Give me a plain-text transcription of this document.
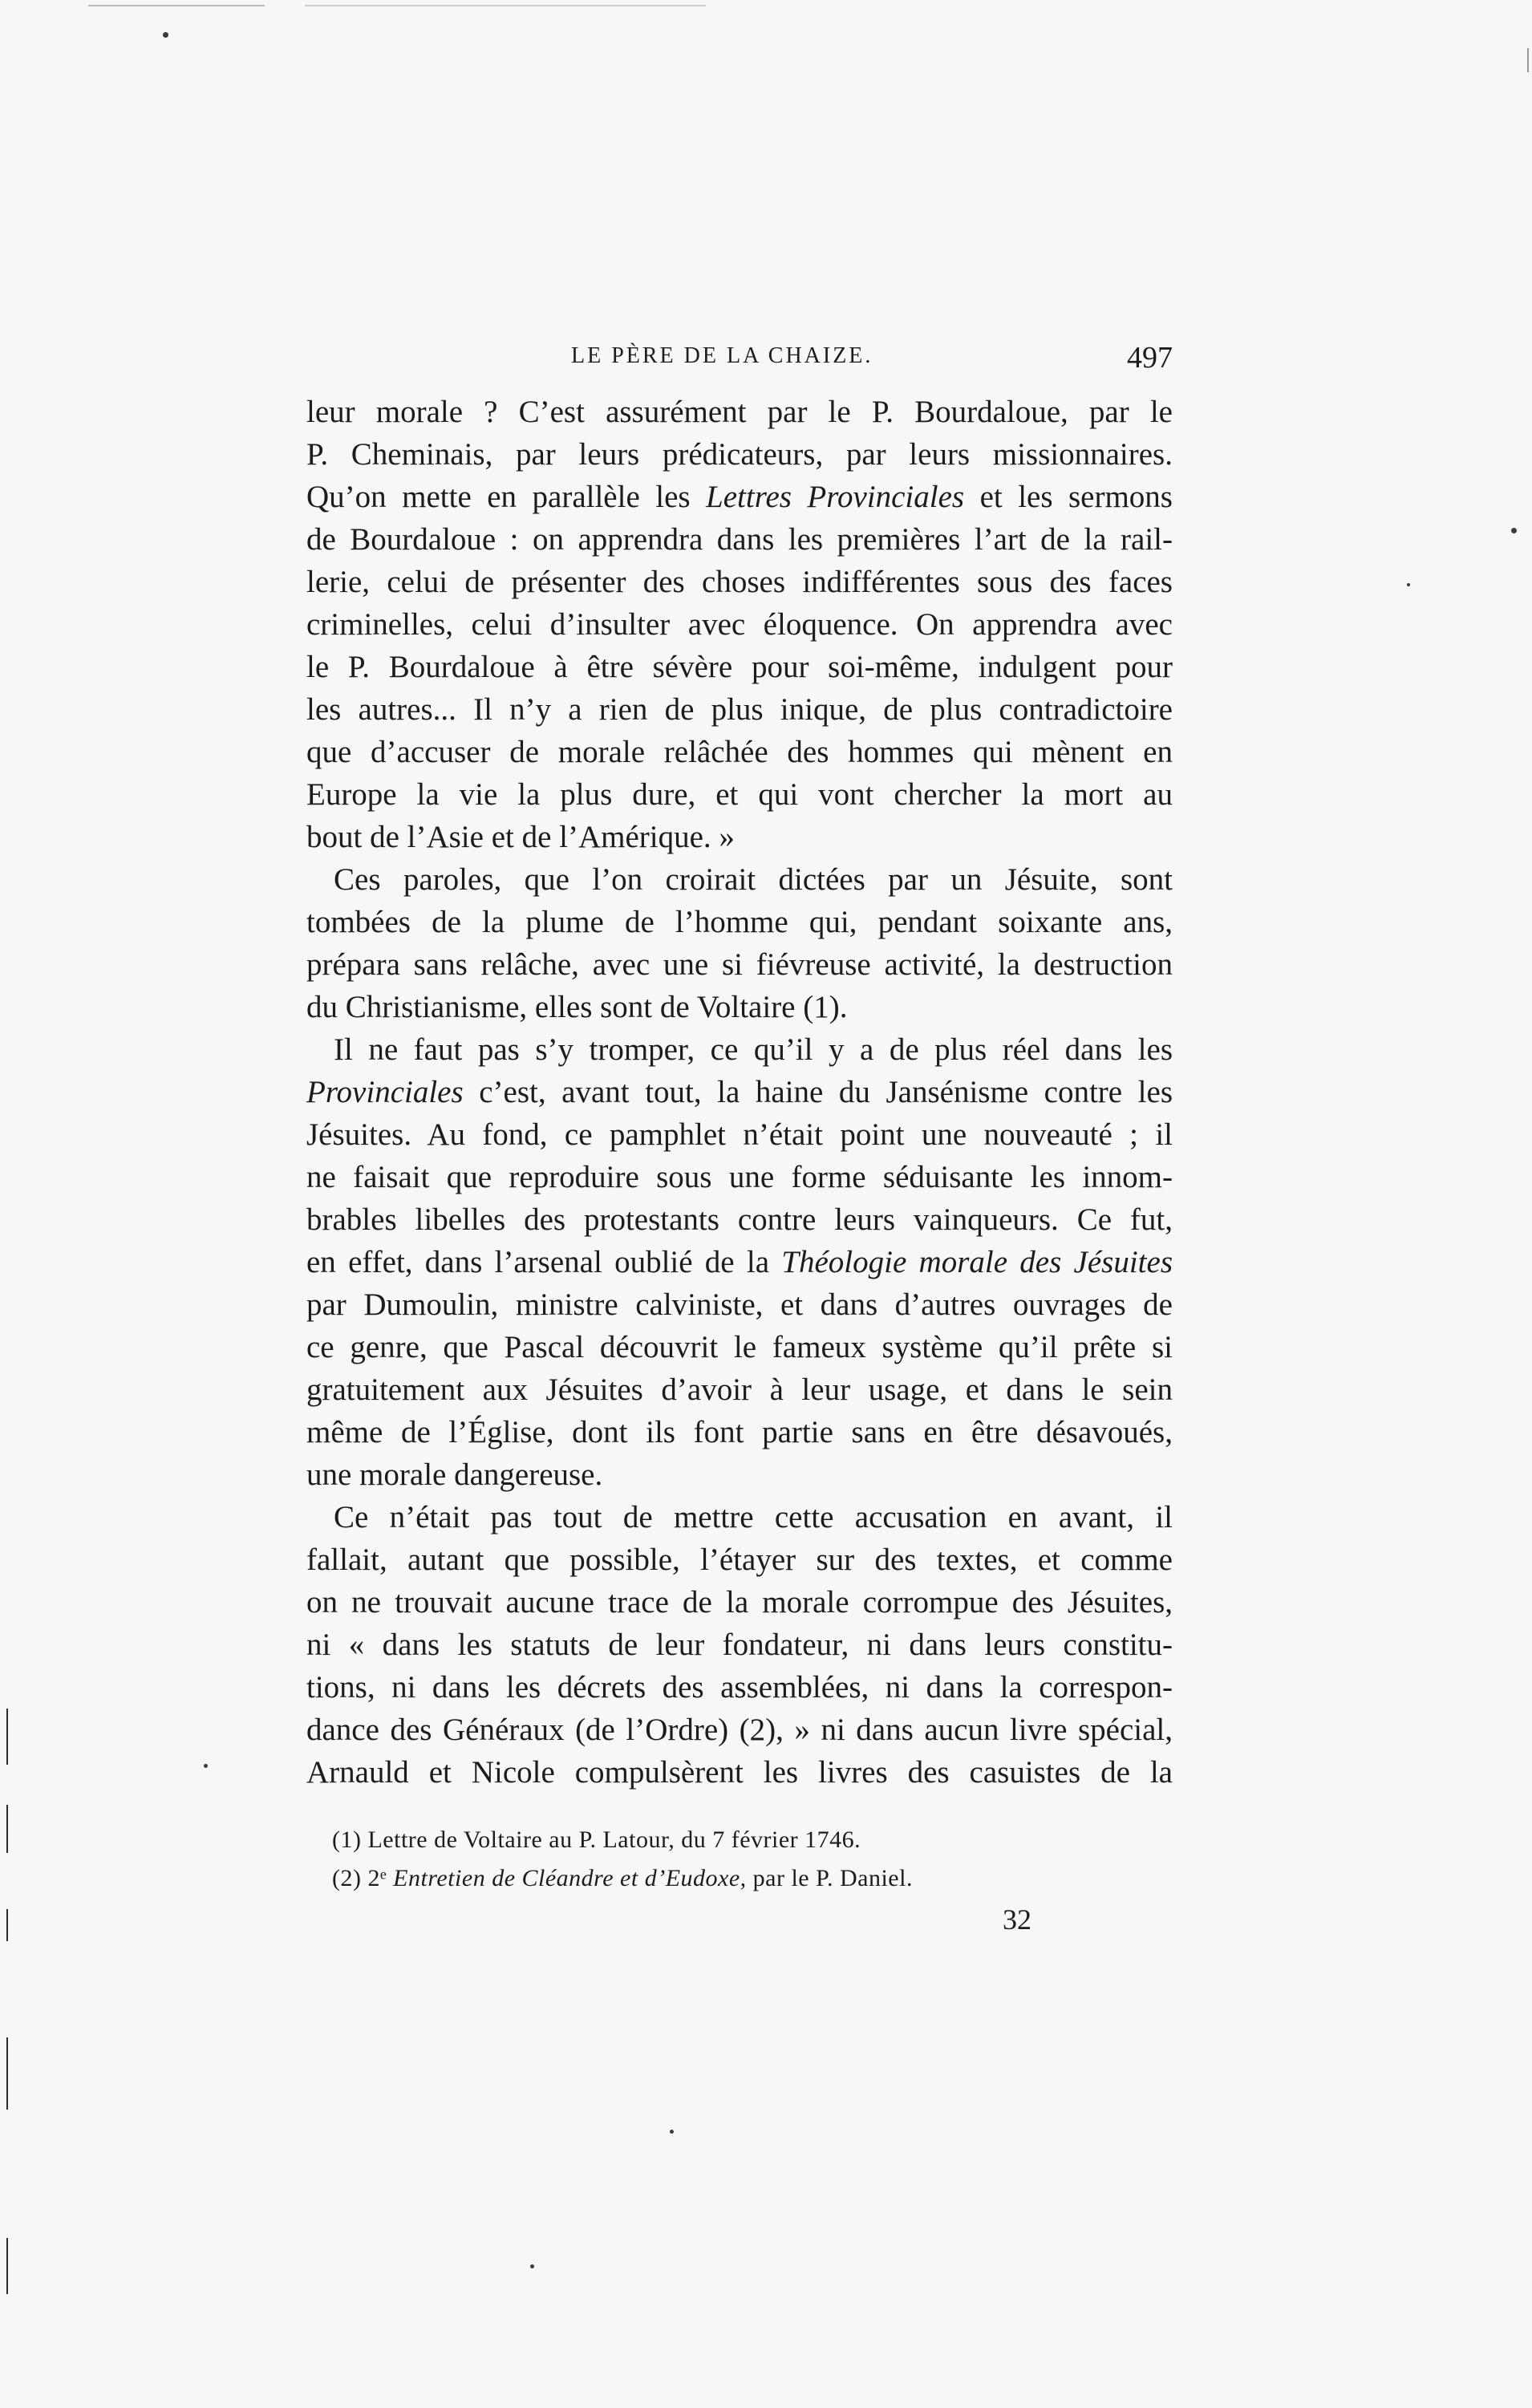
LE PÈRE DE LA CHAIZE.	497
leur morale ? C’est assurément par le P. Bourdaloue, par le
P. Cheminais, par leurs prédicateurs, par leurs missionnaires.
Qu’on mette en parallèle les Lettres Provinciales et les sermons
de Bourdaloue : on apprendra dans les premières l’art de la rail-
lerie, celui de présenter des choses indifférentes sous des faces
criminelles, celui d’insulter avec éloquence. On apprendra avec
le P. Bourdaloue à être sévère pour soi-même, indulgent pour
les autres... Il n’y a rien de plus inique, de plus contradictoire
que d’accuser de morale relâchée des hommes qui mènent en
Europe la vie la plus dure, et qui vont chercher la mort au
bout de l’Asie et de l’Amérique. »
Ces paroles, que l’on croirait dictées par un Jésuite, sont
tombées de la plume de l’homme qui, pendant soixante ans,
prépara sans relâche, avec une si fiévreuse activité, la destruction
du Christianisme, elles sont de Voltaire (1).
Il ne faut pas s’y tromper, ce qu’il y a de plus réel dans les
Provinciales c’est, avant tout, la haine du Jansénisme contre les
Jésuites. Au fond, ce pamphlet n’était point une nouveauté ; il
ne faisait que reproduire sous une forme séduisante les innom-
brables libelles des protestants contre leurs vainqueurs. Ce fut,
en effet, dans l’arsenal oublié de la Théologie morale des Jésuites
par Dumoulin, ministre calviniste, et dans d’autres ouvrages de
ce genre, que Pascal découvrit le fameux système qu’il prête si
gratuitement aux Jésuites d’avoir à leur usage, et dans le sein
même de l’Église, dont ils font partie sans en être désavoués,
une morale dangereuse.
Ce n’était pas tout de mettre cette accusation en avant, il
fallait, autant que possible, l’étayer sur des textes, et comme
on ne trouvait aucune trace de la morale corrompue des Jésuites,
ni « dans les statuts de leur fondateur, ni dans leurs constitu-
tions, ni dans les décrets des assemblées, ni dans la correspon-
dance des Généraux (de l’Ordre) (2), » ni dans aucun livre spécial,
Arnauld et Nicole compulsèrent les livres des casuistes de la
(1) Lettre de Voltaire au P. Latour, du 7 février 1746.
(2) 2ᵉ Entretien de Cléandre et d’Eudoxe, par le P. Daniel.
32
